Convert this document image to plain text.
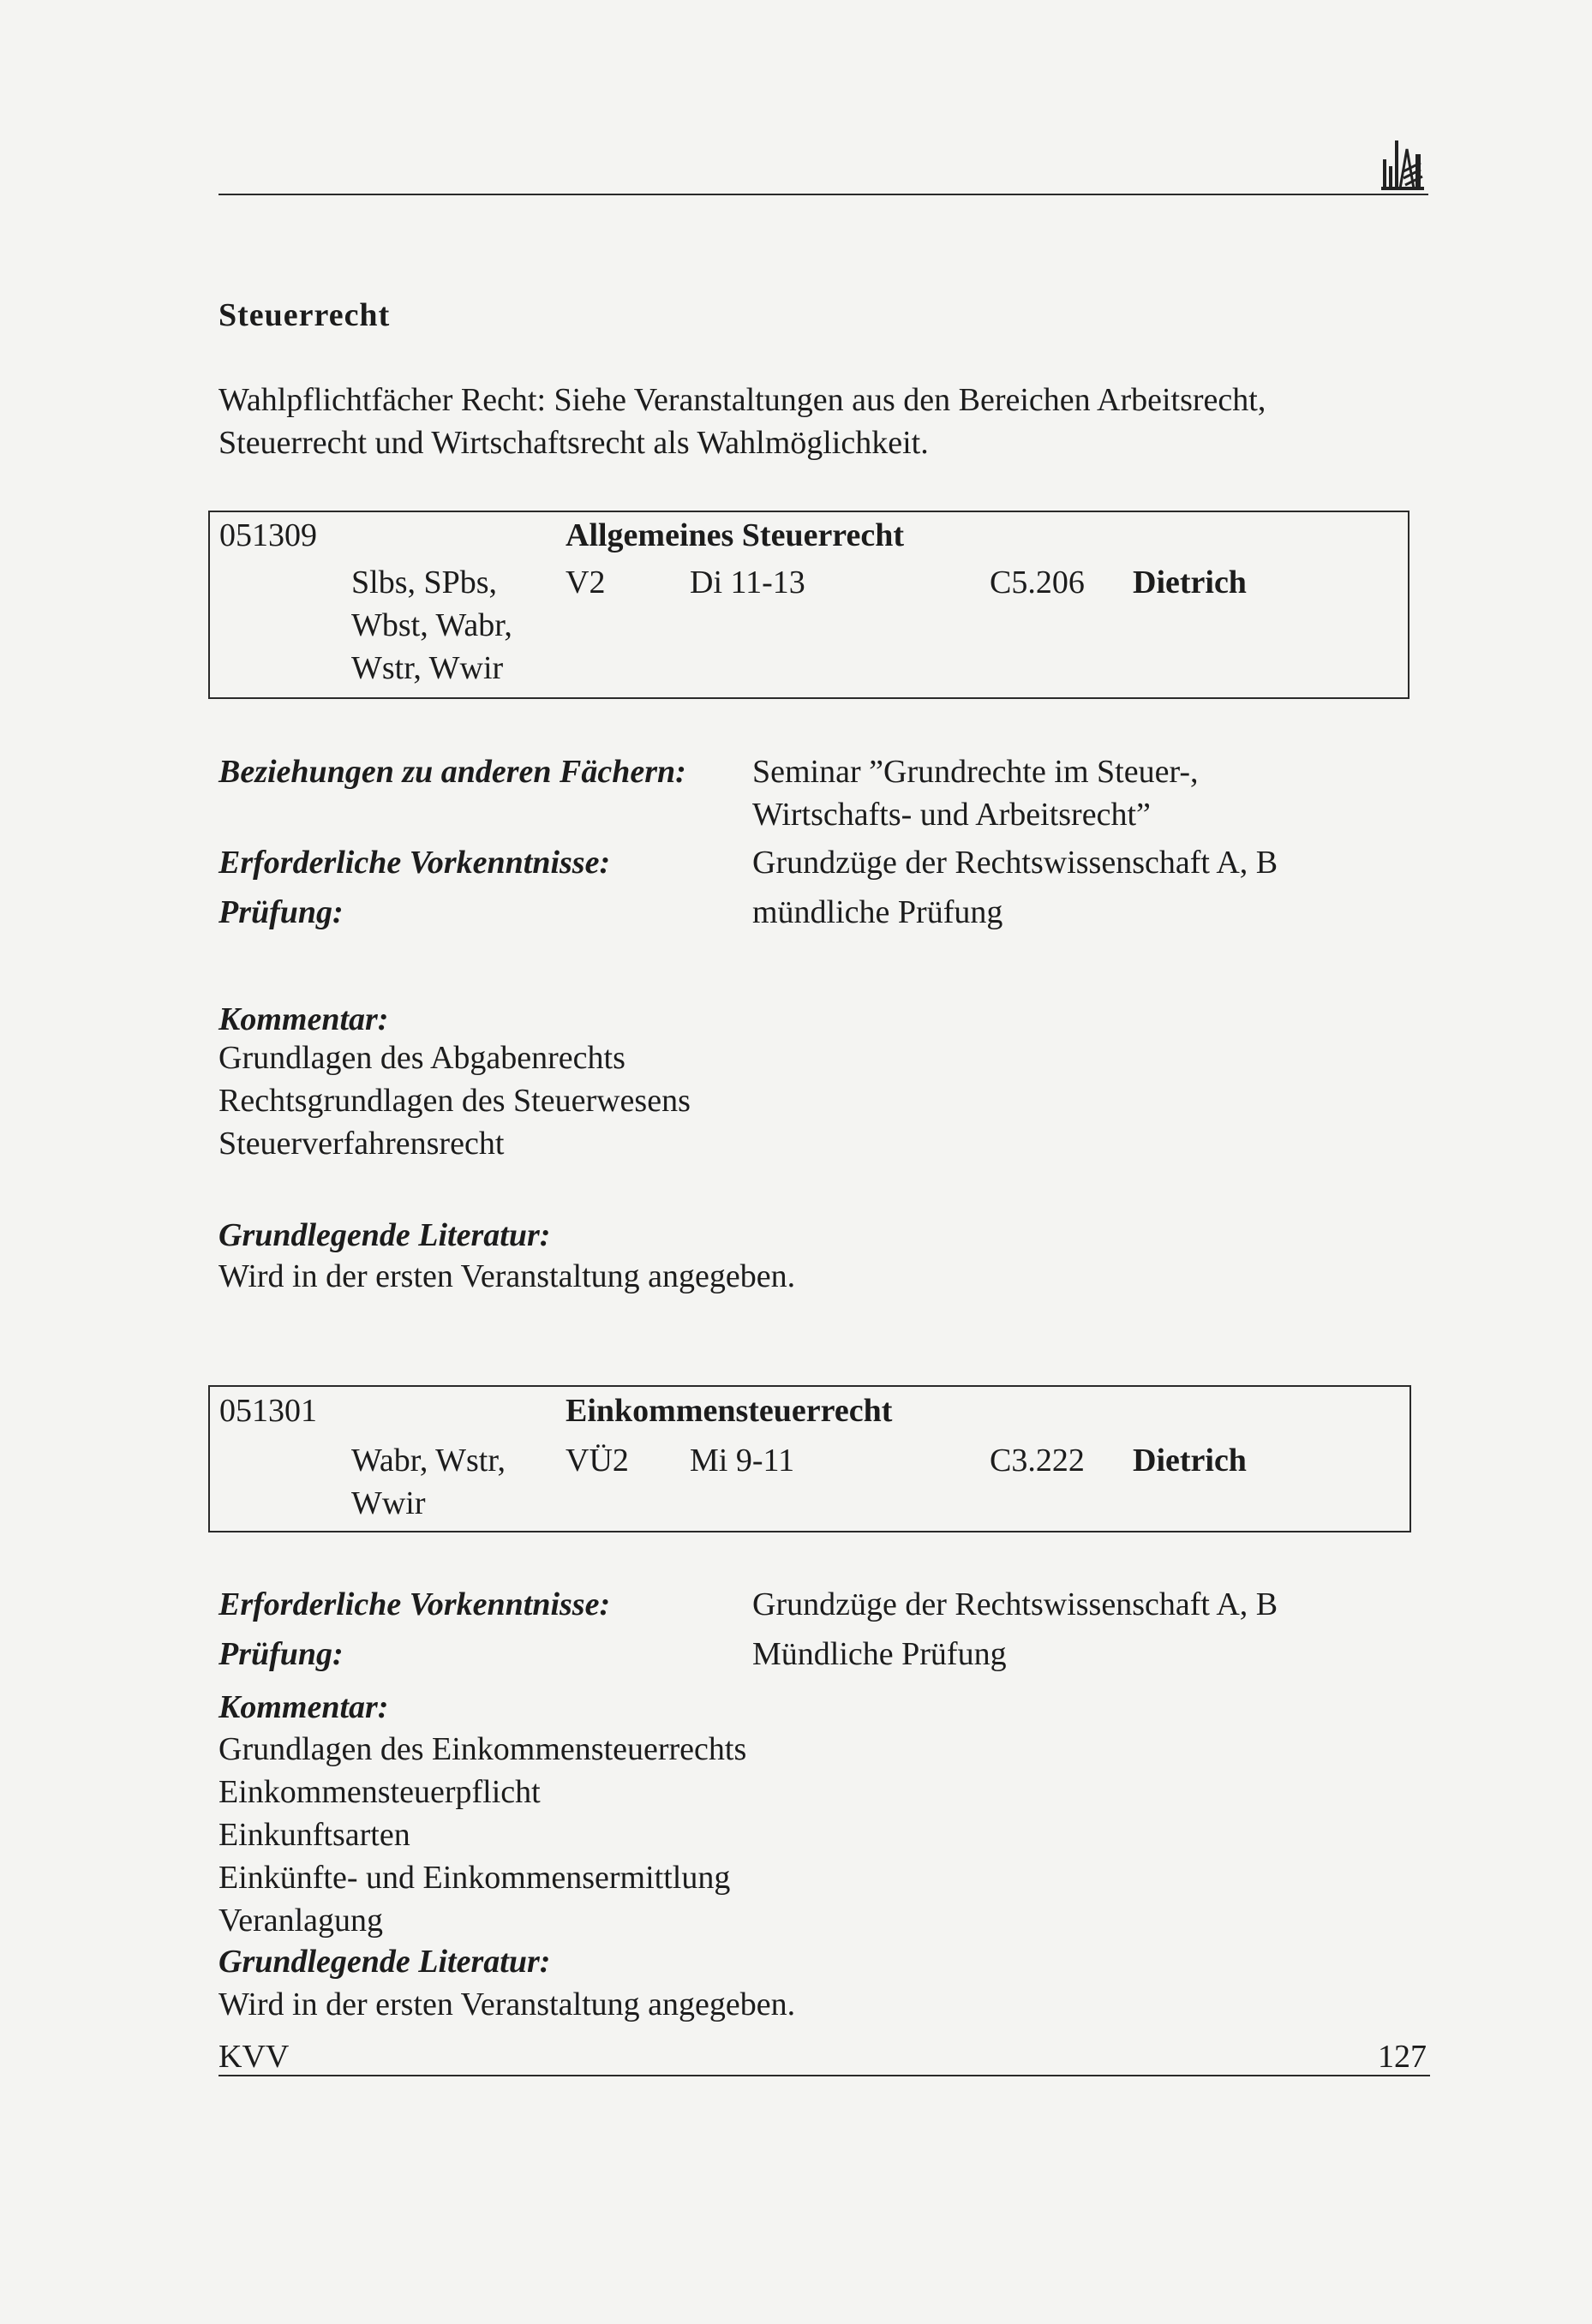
Steuerrecht
Wahlpflichtfächer Recht: Siehe Veranstaltungen aus den Bereichen Arbeitsrecht,
Steuerrecht und Wirtschaftsrecht als Wahlmöglichkeit.
051309	Allgemeines Steuerrecht
Slbs, SPbs,
Wbst, Wabr,
Wstr, Wwir
V2	Di 11-13	C5.206 Dietrich
Beziehungen zu anderen Fächern: Seminar ”Grundrechte im Steuer-,
Wirtschafts- und Arbeitsrecht”
Erforderliche Vorkenntnisse:	Grundzüge der Rechtswissenschaft A, B
Prüfung:	mündliche Prüfung
Kommentar:
Grundlagen des Abgabenrechts
Rechtsgrundlagen des Steuerwesens
Steuerverfahrensrecht
Grundlegende Literatur:
Wird in der ersten Veranstaltung angegeben.
051301	Einkommensteuerrecht
Wabr, Wstr,
Wwir
VÜ2 Mi 9-11	C3.222 Dietrich
Erforderliche Vorkenntnisse:	Grundzüge der Rechtswissenschaft A, B
Prüfung:	Mündliche Prüfung
Kommentar:
Grundlagen des Einkommensteuerrechts
Einkommensteuerpflicht
Einkunftsarten
Einkünfte- und Einkommensermittlung
Veranlagung
Grundlegende Literatur:
Wird in der ersten Veranstaltung angegeben.
KVV	127
